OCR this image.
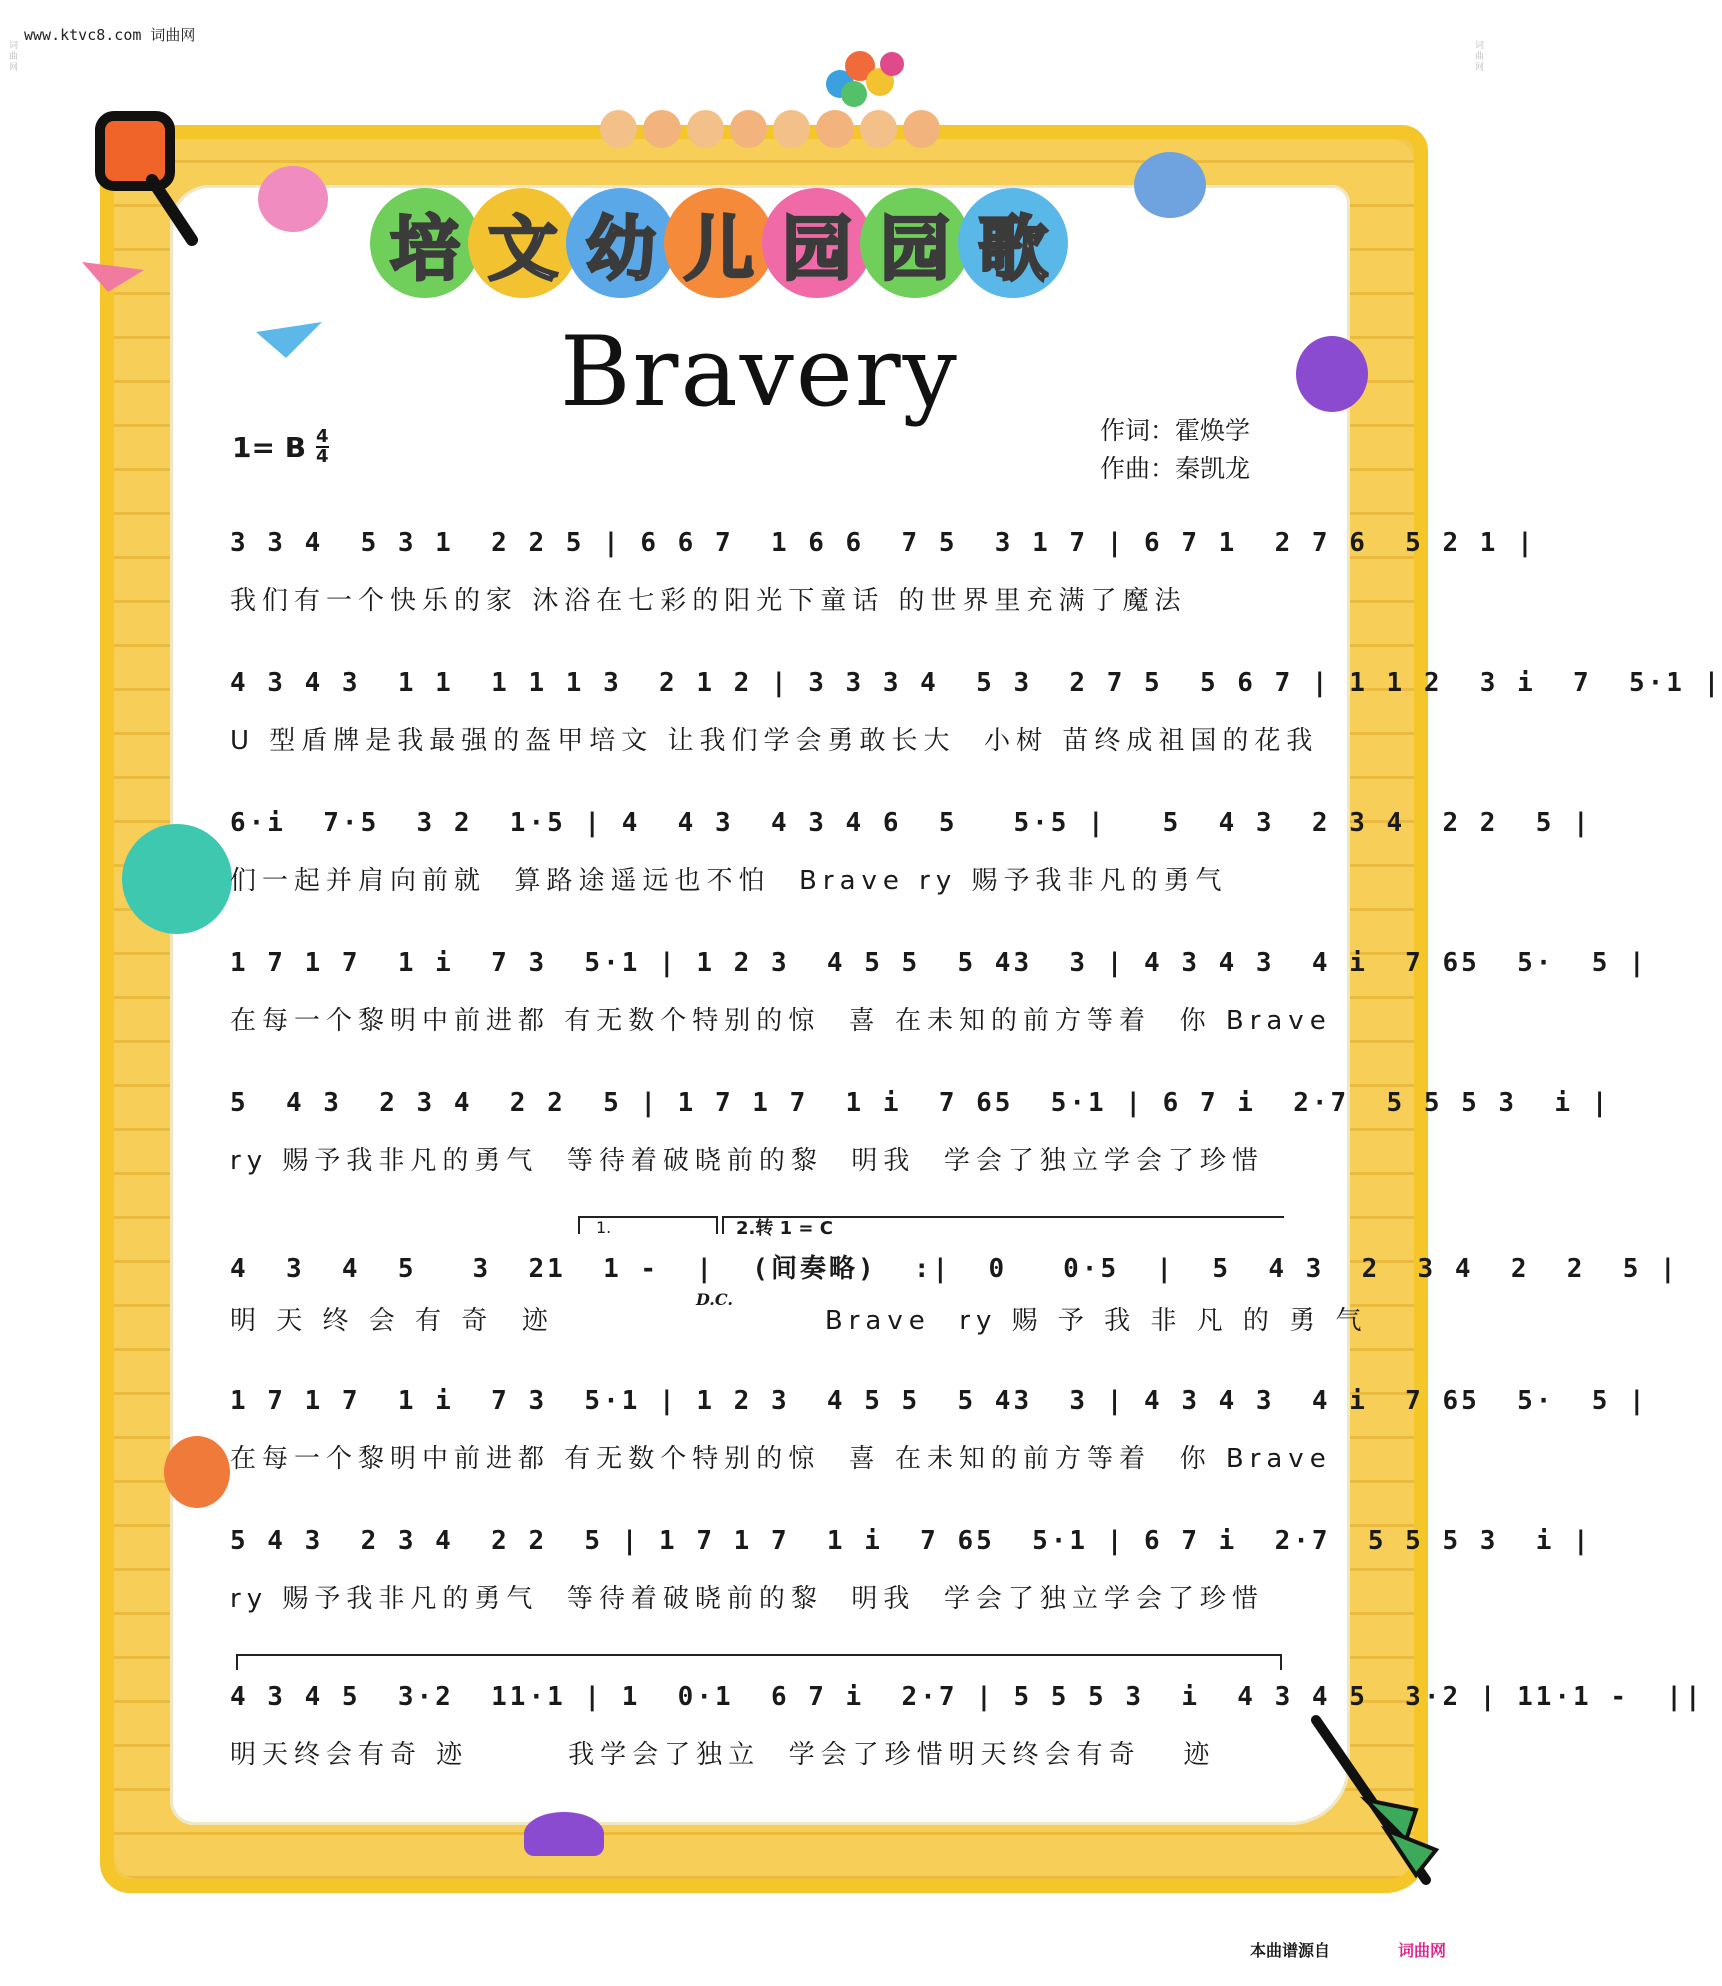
www.ktvc8.com 词曲网
词曲网	词曲网
培 文 幼 儿 园 园 歌
Bravery
1= B 4
4
作词：霍焕学
作曲：秦凯龙
3 3 4  5 3 1  2 2 5 | 6 6 7  1 6 6  7 5  3 1 7 | 6 7 1  2 7 6  5 2 1 |
我们有一个快乐的家 沐浴在七彩的阳光下童话 的世界里充满了魔法
4 3 4 3  1 1  1 1 1 3  2 1 2 | 3 3 3 4  5 3  2 7 5  5 6 7 | 1 1 2  3 i  7  5·1 |
U 型盾牌是我最强的盔甲培文 让我们学会勇敢长大  小树 苗终成祖国的花我
6·i  7·5  3 2  1·5 | 4  4 3  4 3 4 6  5   5·5 |   5  4 3  2 3 4  2 2  5 |
们一起并肩向前就  算路途遥远也不怕  Brave ry 赐予我非凡的勇气
1 7 1 7  1 i  7 3  5·1 | 1 2 3  4 5 5  5 43  3 | 4 3 4 3  4 i  7 65  5·  5 |
在每一个黎明中前进都 有无数个特别的惊  喜 在未知的前方等着  你 Brave
5  4 3  2 3 4  2 2  5 | 1 7 1 7  1 i  7 65  5·1 | 6 7 i  2·7  5 5 5 3  i |
ry 赐予我非凡的勇气  等待着破晓前的黎  明我  学会了独立学会了珍惜
1.	2.转 1 = C
D.C.
4  3  4  5   3  21  1 -  |  (间奏略)  :|  0   0·5  |  5  4 3  2  3 4  2  2  5 |
明 天 终 会 有 奇  迹                   Brave  ry 赐 予 我 非 凡 的 勇 气
1 7 1 7  1 i  7 3  5·1 | 1 2 3  4 5 5  5 43  3 | 4 3 4 3  4 i  7 65  5·  5 |
在每一个黎明中前进都 有无数个特别的惊  喜 在未知的前方等着  你 Brave
5 4 3  2 3 4  2 2  5 | 1 7 1 7  1 i  7 65  5·1 | 6 7 i  2·7  5 5 5 3  i |
ry 赐予我非凡的勇气  等待着破晓前的黎  明我  学会了独立学会了珍惜
4 3 4 5  3·2  11·1 | 1  0·1  6 7 i  2·7 | 5 5 5 3  i  4 3 4 5  3·2 | 11·1 -  ||
明天终会有奇 迹       我学会了独立  学会了珍惜明天终会有奇   迹
本曲谱源自	词曲网
